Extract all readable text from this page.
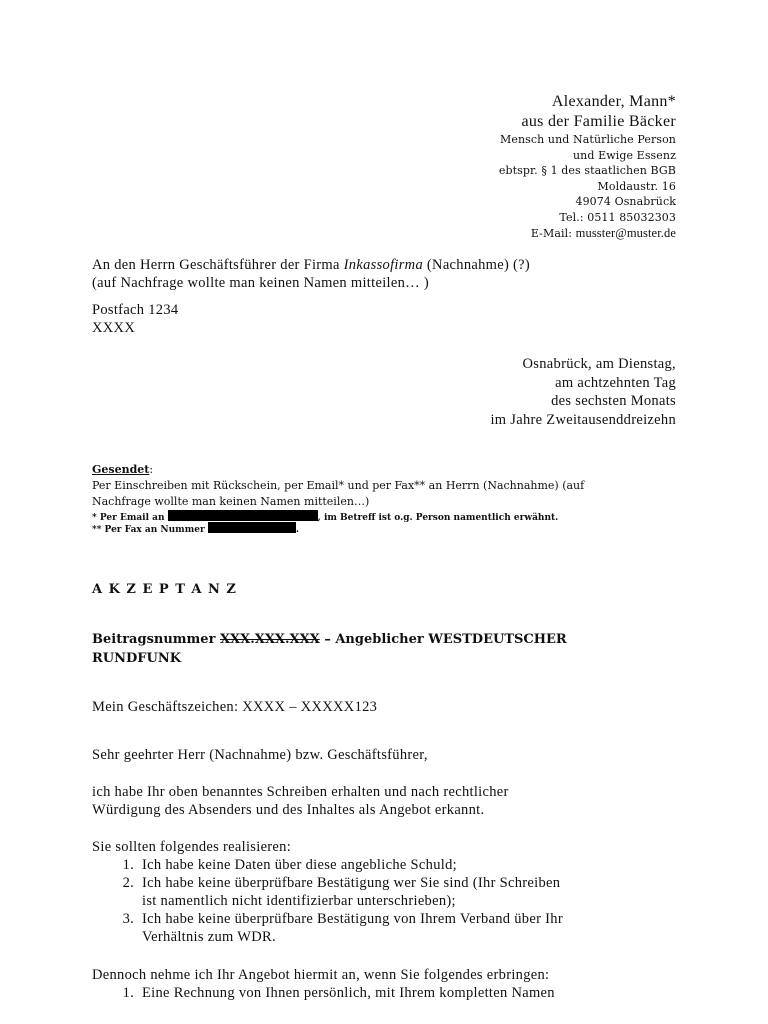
Alexander, Mann*
aus der Familie Bäcker
Mensch und Natürliche Person
und Ewige Essenz
ebtspr. § 1 des staatlichen BGB
Moldaustr. 16
49074 Osnabrück
Tel.: 0511 85032303
E-Mail: musster@muster.de
An den Herrn Geschäftsführer der Firma Inkassofirma (Nachnahme) (?)
(auf Nachfrage wollte man keinen Namen mitteilen… )
Postfach 1234
XXXX
Osnabrück, am Dienstag,
am achtzehnten Tag
des sechsten Monats
im Jahre Zweitausenddreizehn
Gesendet:
Per Einschreiben mit Rückschein, per Email* und per Fax** an Herrn (Nachnahme) (auf
Nachfrage wollte man keinen Namen mitteilen…)
* Per Email an	, im Betreff ist o.g. Person namentlich erwähnt.
** Per Fax an Nummer	.
A K Z E P T A N Z
Beitragsnummer XXX.XXX.XXX – Angeblicher WESTDEUTSCHER
RUNDFUNK
Mein Geschäftszeichen: XXXX – XXXXX123
Sehr geehrter Herr (Nachnahme) bzw. Geschäftsführer,
ich habe Ihr oben benanntes Schreiben erhalten und nach rechtlicher
Würdigung des Absenders und des Inhaltes als Angebot erkannt.
Sie sollten folgendes realisieren:
1. Ich habe keine Daten über diese angebliche Schuld;
2. Ich habe keine überprüfbare Bestätigung wer Sie sind (Ihr Schreiben
ist namentlich nicht identifizierbar unterschrieben);
3. Ich habe keine überprüfbare Bestätigung von Ihrem Verband über Ihr
Verhältnis zum WDR.
Dennoch nehme ich Ihr Angebot hiermit an, wenn Sie folgendes erbringen:
1. Eine Rechnung von Ihnen persönlich, mit Ihrem kompletten Namen
